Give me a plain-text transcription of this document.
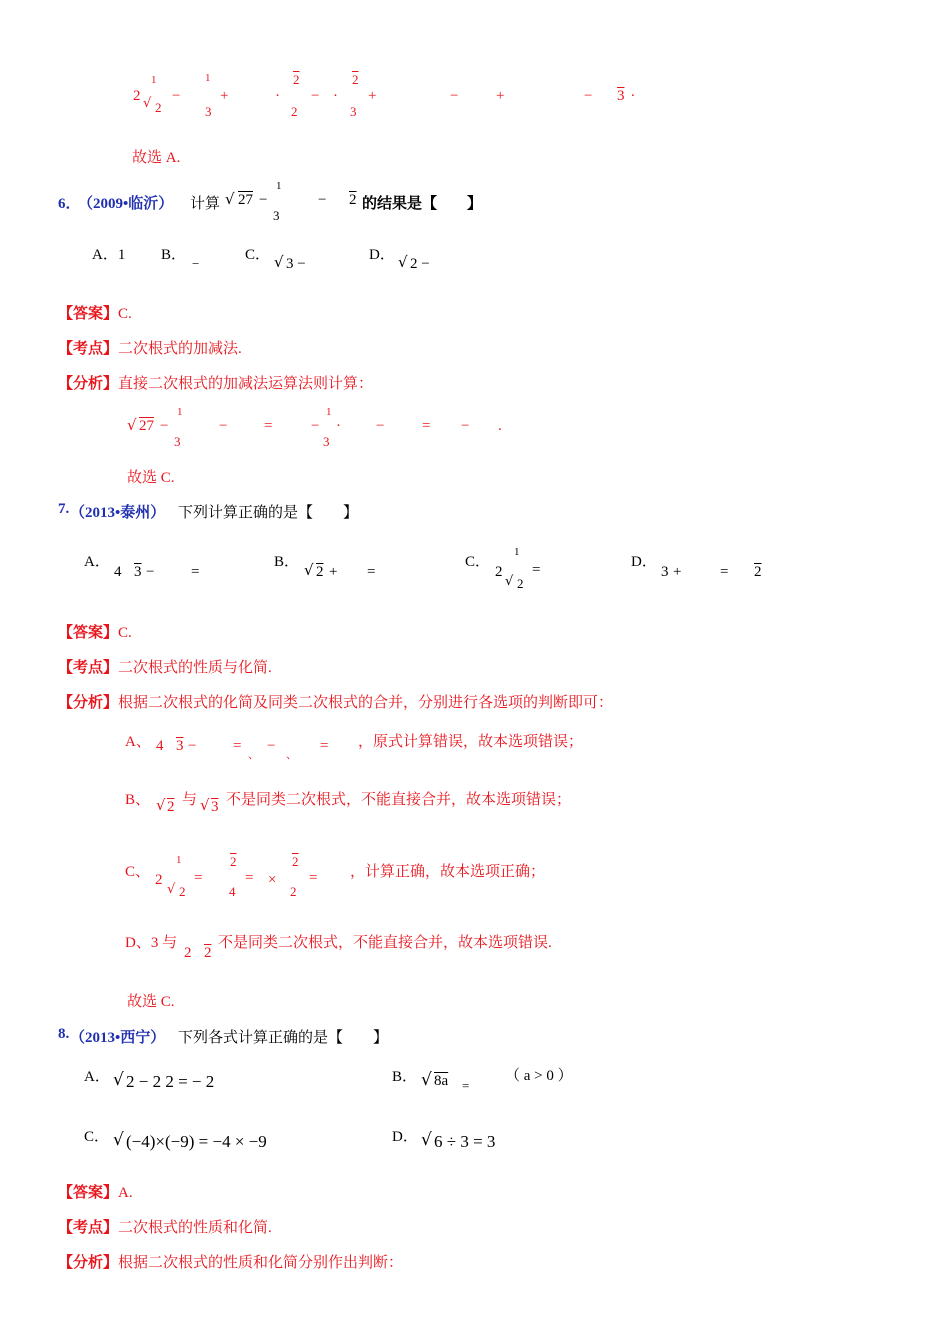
2
1
√ 2
−
1
3
+	·
2
2
− ·
2
3
+	−	+	− 3 .
故选 A.
6．
（2009•临沂） 计算 √ 27 −
1
3
− 2 的结果是【　　】
A．1 B．
−
C． √ 3 −
D． √ 2 −
【答案】C.
【考点】二次根式的加减法.
【分析】直接二次根式的加减法运算法则计算：
√ 27 −
1
3
− =	−
1
3
· −	= − .
故选 C.
7. （2013•泰州） 下列计算正确的是【　　】
A．
4 3 − =
B． √ 2 + =
C．
2
1
√ 2
=	D．
3 +	= 2
【答案】C.
【考点】二次根式的性质与化简.
【分析】根据二次根式的化简及同类二次根式的合并，分别进行各选项的判断即可：
A、 4 3 − =
、
−
、
= ，原式计算错误，故本选项错误；
B、 √ 2 与 √ 3 不是同类二次根式，不能直接合并，故本选项错误；
C、 2
1
√ 2
=
2
4
= ×
2
2
= ，计算正确，故本选项正确；
D、3 与
2 2
不是同类二次根式，不能直接合并，故本选项错误.
故选 C.
8. （2013•西宁） 下列各式计算正确的是【　　】
A． √ 2 − 2 2 = − 2	B． √ 8a =
（ a > 0 ）
C． √ (−4)×(−9) = −4 × −9	D． √ 6 ÷ 3 = 3
【答案】A.
【考点】二次根式的性质和化简.
【分析】根据二次根式的性质和化简分别作出判断：
